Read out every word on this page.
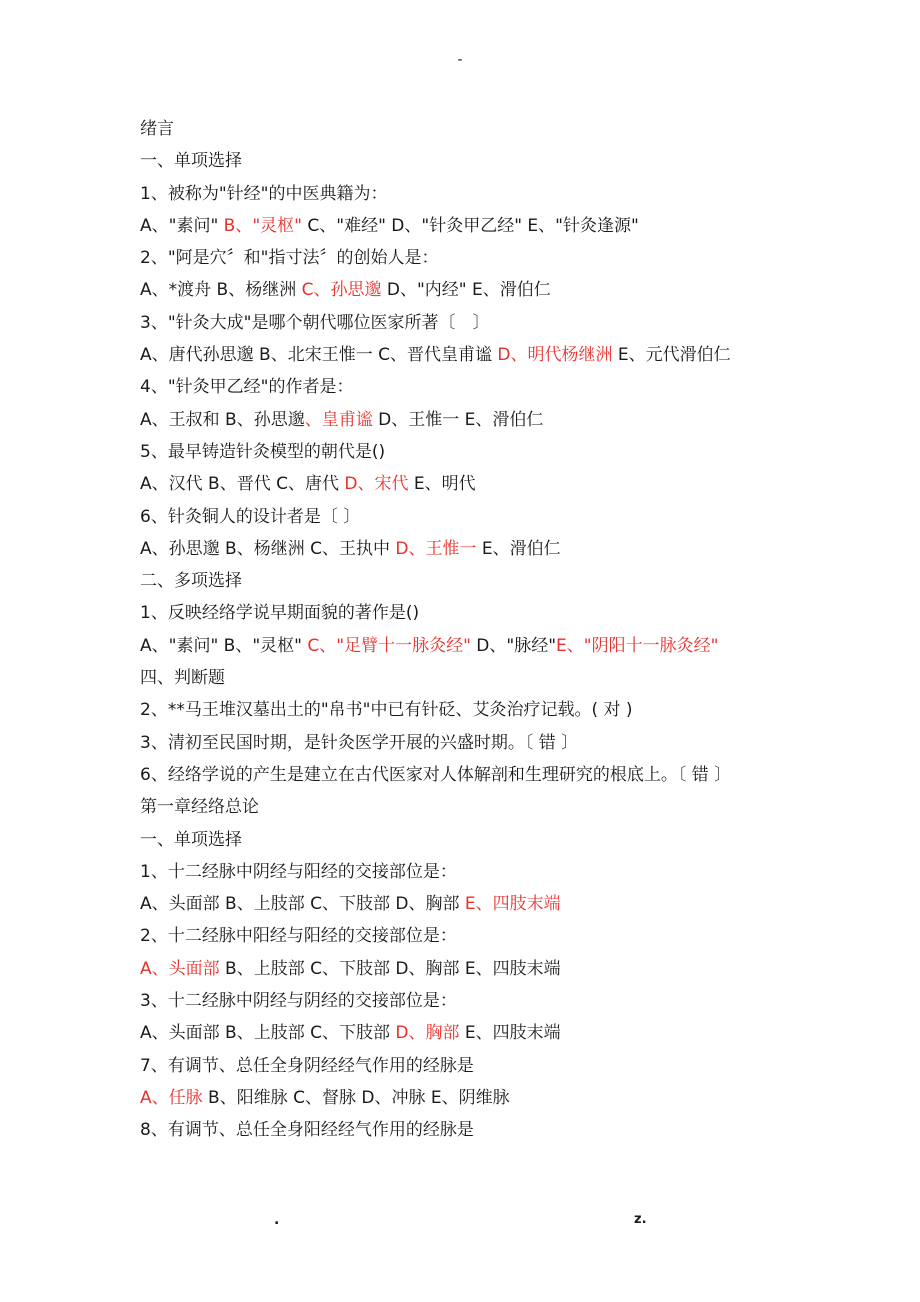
-
绪言
一、单项选择
1、被称为"针经"的中医典籍为：
A、"素问" B、"灵枢" C、"难经" D、"针灸甲乙经" E、"针灸逢源"
2、"阿是穴〞和"指寸法〞的创始人是：
A、*渡舟 B、杨继洲 C、孙思邈 D、"内经" E、滑伯仁
3、"针灸大成"是哪个朝代哪位医家所著〔　〕
A、唐代孙思邈 B、北宋王惟一 C、晋代皇甫谧 D、明代杨继洲 E、元代滑伯仁
4、"针灸甲乙经"的作者是：
A、王叔和 B、孙思邈、皇甫谧 D、王惟一 E、滑伯仁
5、最早铸造针灸模型的朝代是()
A、汉代 B、晋代 C、唐代 D、宋代 E、明代
6、针灸铜人的设计者是〔 〕
A、孙思邈 B、杨继洲 C、王执中 D、王惟一 E、滑伯仁
二、多项选择
1、反映经络学说早期面貌的著作是()
A、"素问" B、"灵枢" C、"足臂十一脉灸经" D、"脉经"E、"阴阳十一脉灸经"
四、判断题
2、**马王堆汉墓出土的"帛书"中已有针砭、艾灸治疗记载。( 对 )
3、清初至民国时期，是针灸医学开展的兴盛时期。〔 错 〕
6、经络学说的产生是建立在古代医家对人体解剖和生理研究的根底上。〔 错 〕
第一章经络总论
一、单项选择
1、十二经脉中阴经与阳经的交接部位是：
A、头面部 B、上肢部 C、下肢部 D、胸部 E、四肢末端
2、十二经脉中阳经与阳经的交接部位是：
A、头面部 B、上肢部 C、下肢部 D、胸部 E、四肢末端
3、十二经脉中阴经与阴经的交接部位是：
A、头面部 B、上肢部 C、下肢部 D、胸部 E、四肢末端
7、有调节、总任全身阴经经气作用的经脉是
A、任脉 B、阳维脉 C、督脉 D、冲脉 E、阴维脉
8、有调节、总任全身阳经经气作用的经脉是
.	z.
